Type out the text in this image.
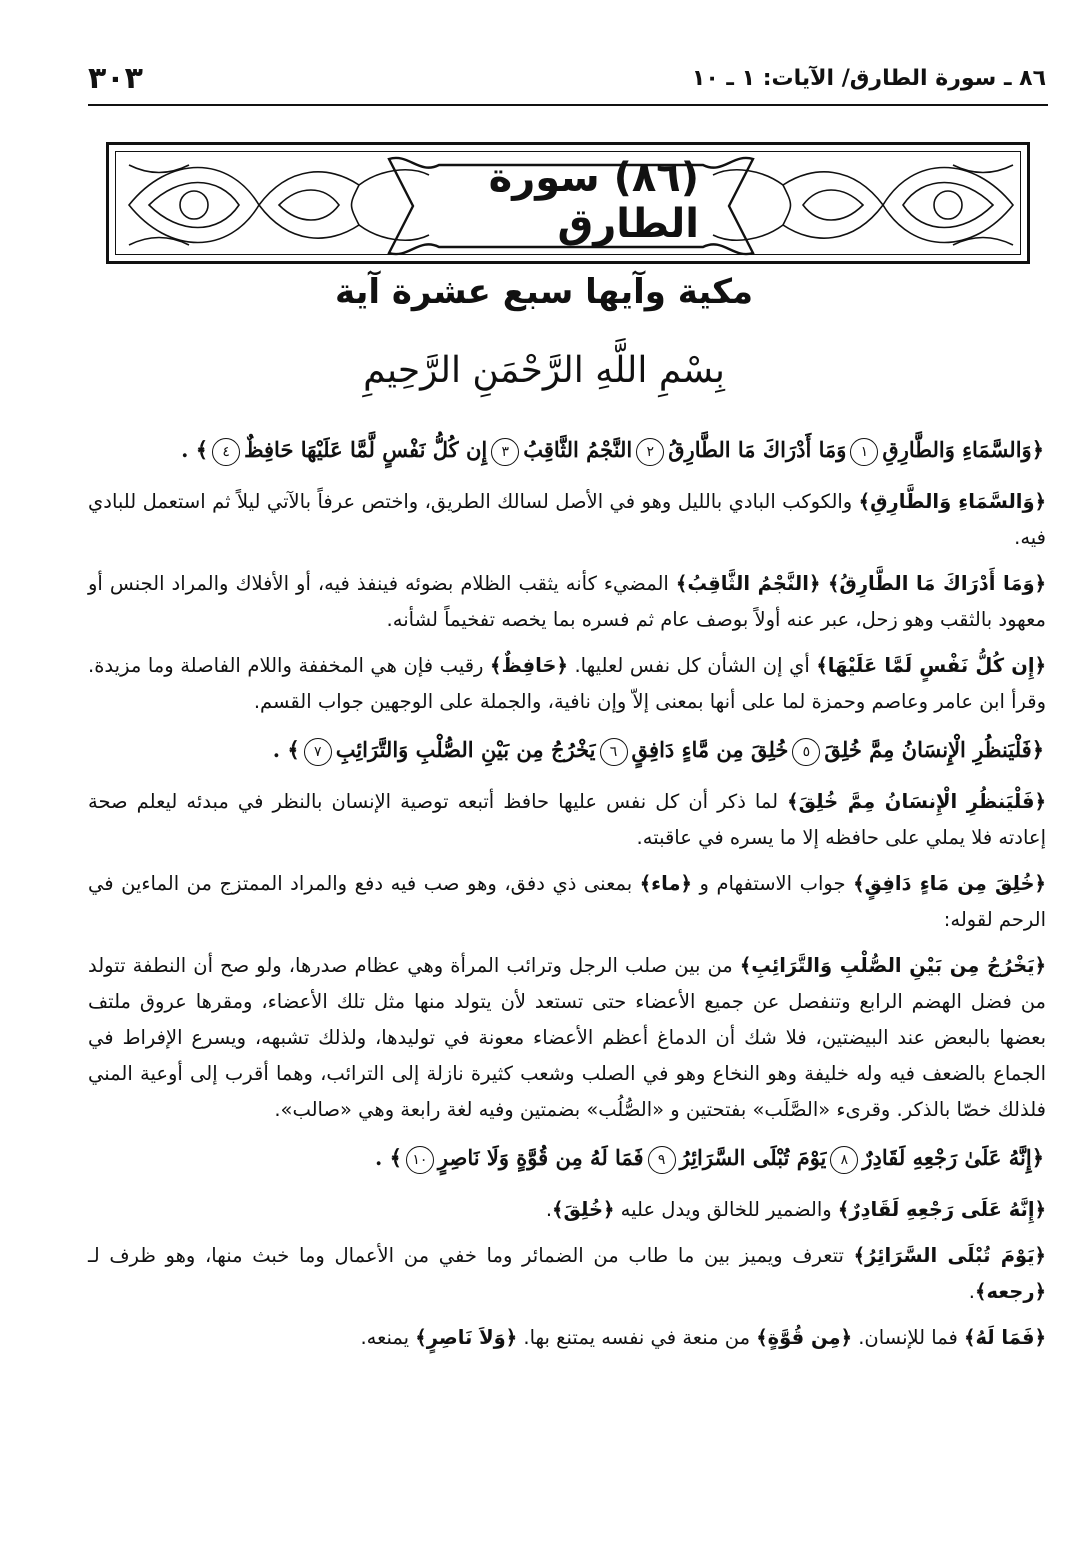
٣٠٣	٨٦ ـ سورة الطارق/ الآيات: ١ ـ ١٠
(٨٦) سورة الطارق
مكية وآيها سبع عشرة آية
بِسْمِ اللَّهِ الرَّحْمَنِ الرَّحِيمِ
﴿وَالسَّمَاءِ وَالطَّارِقِ١وَمَا أَدْرَاكَ مَا الطَّارِقُ٢النَّجْمُ الثَّاقِبُ٣إِن كُلُّ نَفْسٍ لَّمَّا عَلَيْهَا حَافِظٌ٤﴾ .

﴿وَالسَّمَاءِ وَالطَّارِقِ﴾ والكوكب البادي بالليل وهو في الأصل لسالك الطريق، واختص عرفاً بالآتي ليلاً ثم استعمل للبادي فيه.

﴿وَمَا أَدْرَاكَ مَا الطَّارِقُ﴾ ﴿النَّجْمُ الثَّاقِبُ﴾ المضيء كأنه يثقب الظلام بضوئه فينفذ فيه، أو الأفلاك والمراد الجنس أو معهود بالثقب وهو زحل، عبر عنه أولاً بوصف عام ثم فسره بما يخصه تفخيماً لشأنه.

﴿إِن كُلُّ نَفْسٍ لَمَّا عَلَيْهَا﴾ أي إن الشأن كل نفس لعليها. ﴿حَافِظٌ﴾ رقيب فإن هي المخففة واللام الفاصلة وما مزيدة. وقرأ ابن عامر وعاصم وحمزة لما على أنها بمعنى إلاّ وإن نافية، والجملة على الوجهين جواب القسم.

﴿فَلْيَنظُرِ الْإِنسَانُ مِمَّ خُلِقَ٥خُلِقَ مِن مَّاءٍ دَافِقٍ٦يَخْرُجُ مِن بَيْنِ الصُّلْبِ وَالتَّرَائِبِ٧﴾ .

﴿فَلْيَنظُرِ الْإِنسَانُ مِمَّ خُلِقَ﴾ لما ذكر أن كل نفس عليها حافظ أتبعه توصية الإنسان بالنظر في مبدئه ليعلم صحة إعادته فلا يملي على حافظه إلا ما يسره في عاقبته.

﴿خُلِقَ مِن مَاءٍ دَافِقٍ﴾ جواب الاستفهام و ﴿ماء﴾ بمعنى ذي دفق، وهو صب فيه دفع والمراد الممتزج من الماءين في الرحم لقوله:

﴿يَخْرُجُ مِن بَيْنِ الصُّلْبِ وَالتَّرَائِبِ﴾ من بين صلب الرجل وترائب المرأة وهي عظام صدرها، ولو صح أن النطفة تتولد من فضل الهضم الرابع وتنفصل عن جميع الأعضاء حتى تستعد لأن يتولد منها مثل تلك الأعضاء، ومقرها عروق ملتف بعضها بالبعض عند البيضتين، فلا شك أن الدماغ أعظم الأعضاء معونة في توليدها، ولذلك تشبهه، ويسرع الإفراط في الجماع بالضعف فيه وله خليفة وهو النخاع وهو في الصلب وشعب كثيرة نازلة إلى الترائب، وهما أقرب إلى أوعية المني فلذلك خصّا بالذكر. وقرىء «الصَّلَب» بفتحتين و «الصُّلُب» بضمتين وفيه لغة رابعة وهي «صالب».

﴿إِنَّهُ عَلَىٰ رَجْعِهِ لَقَادِرٌ٨يَوْمَ تُبْلَى السَّرَائِرُ٩فَمَا لَهُ مِن قُوَّةٍ وَلَا نَاصِرٍ١٠﴾ .

﴿إِنَّهُ عَلَى رَجْعِهِ لَقَادِرٌ﴾ والضمير للخالق ويدل عليه ﴿خُلِقَ﴾.

﴿يَوْمَ تُبْلَى السَّرَائِرُ﴾ تتعرف ويميز بين ما طاب من الضمائر وما خفي من الأعمال وما خبث منها، وهو ظرف لـ ﴿رجعه﴾.

﴿فَمَا لَهُ﴾ فما للإنسان. ﴿مِن قُوَّةٍ﴾ من منعة في نفسه يمتنع بها. ﴿وَلاَ نَاصِرٍ﴾ يمنعه.
